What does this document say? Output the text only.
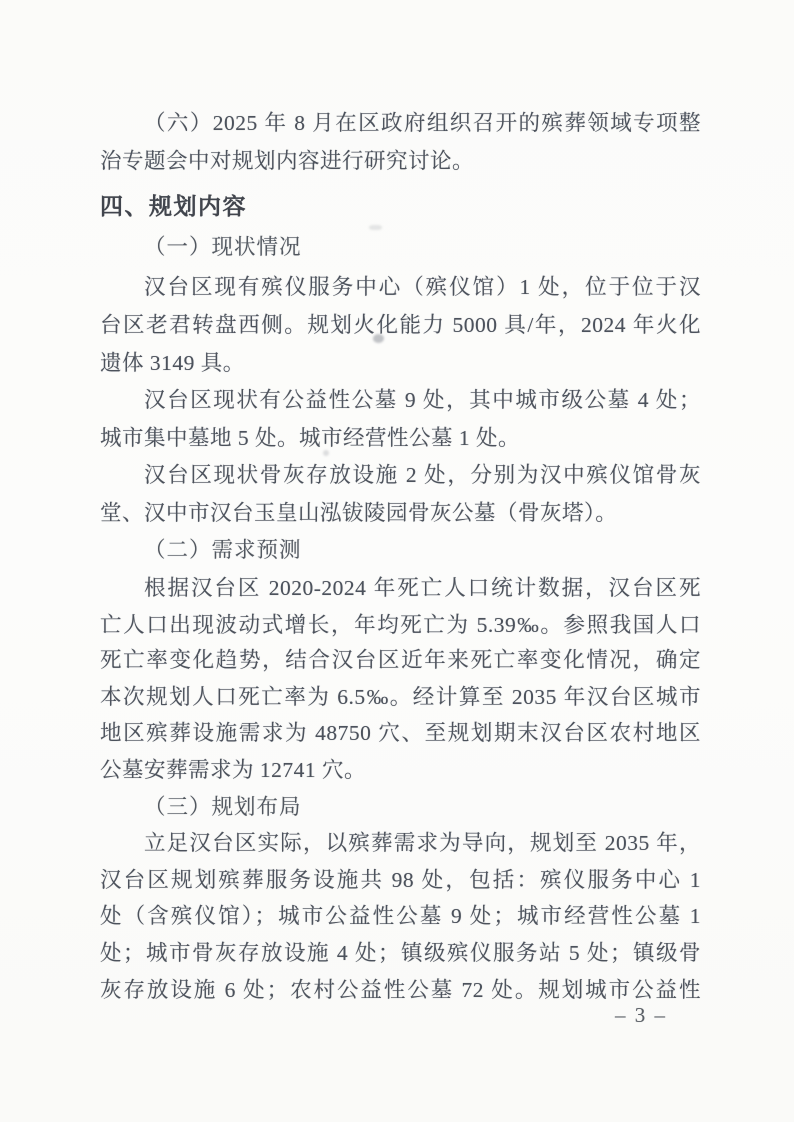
（六）2025 年 8 月在区政府组织召开的殡葬领域专项整
治专题会中对规划内容进行研究讨论。
四、规划内容
（一）现状情况
汉台区现有殡仪服务中心（殡仪馆）1 处，位于位于汉
台区老君转盘西侧。规划火化能力 5000 具/年，2024 年火化
遗体 3149 具。
汉台区现状有公益性公墓 9 处，其中城市级公墓 4 处；
城市集中墓地 5 处。城市经营性公墓 1 处。
汉台区现状骨灰存放设施 2 处，分别为汉中殡仪馆骨灰
堂、汉中市汉台玉皇山泓钹陵园骨灰公墓（骨灰塔）。
（二）需求预测
根据汉台区 2020-2024 年死亡人口统计数据，汉台区死
亡人口出现波动式增长，年均死亡为 5.39‰。参照我国人口
死亡率变化趋势，结合汉台区近年来死亡率变化情况，确定
本次规划人口死亡率为 6.5‰。经计算至 2035 年汉台区城市
地区殡葬设施需求为 48750 穴、至规划期末汉台区农村地区
公墓安葬需求为 12741 穴。
（三）规划布局
立足汉台区实际，以殡葬需求为导向，规划至 2035 年，
汉台区规划殡葬服务设施共 98 处，包括：殡仪服务中心 1
处（含殡仪馆）；城市公益性公墓 9 处；城市经营性公墓 1
处；城市骨灰存放设施 4 处；镇级殡仪服务站 5 处；镇级骨
灰存放设施 6 处；农村公益性公墓 72 处。规划城市公益性
– 3 –
